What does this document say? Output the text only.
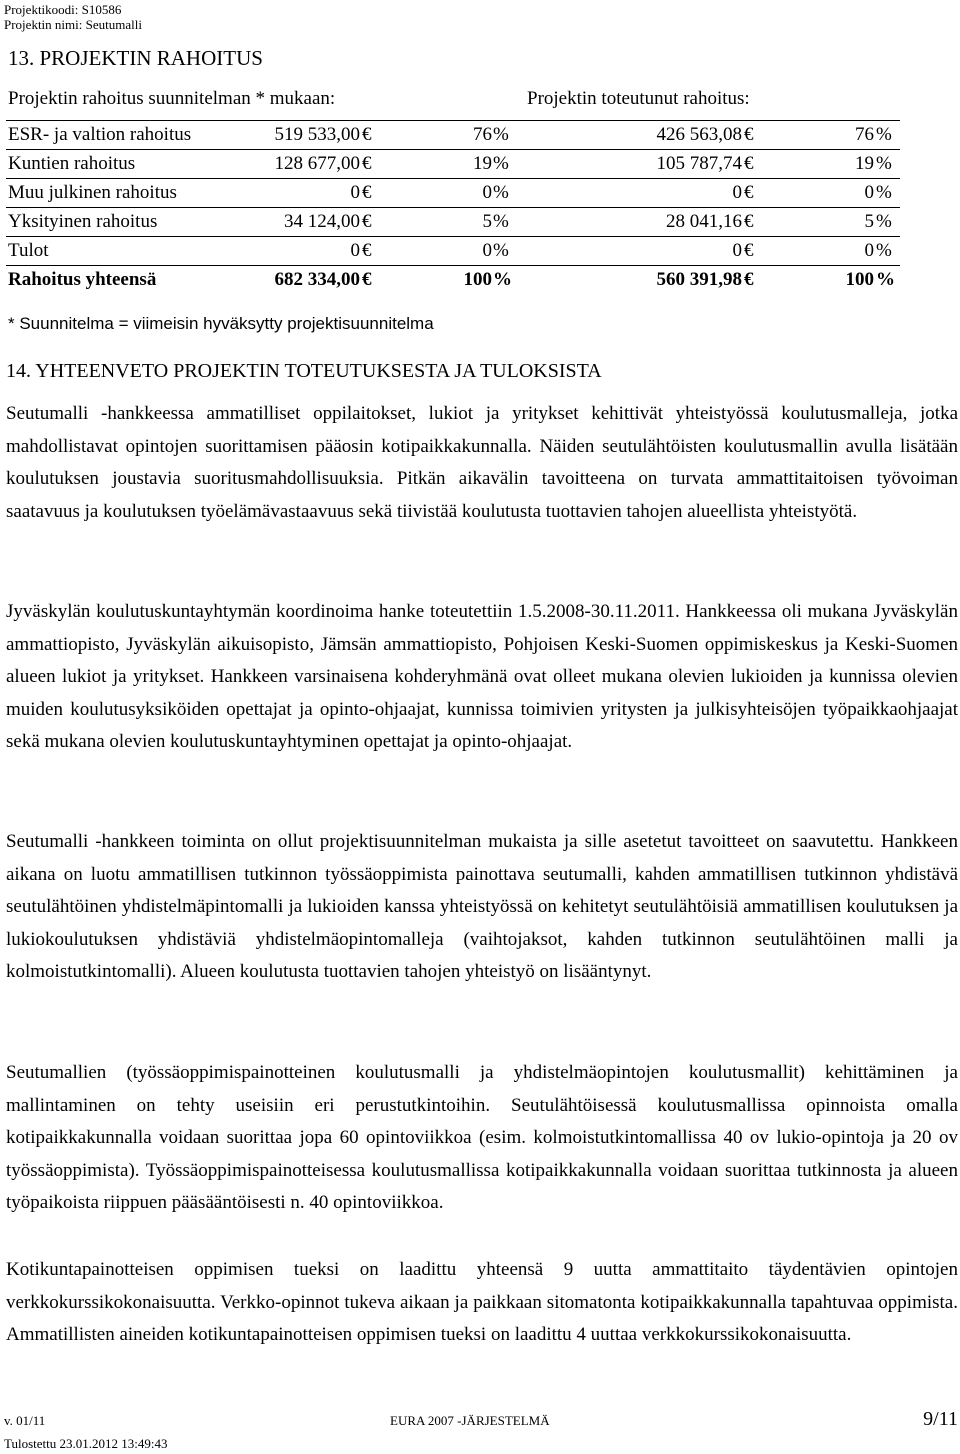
Projektikoodi: S10586
Projektin nimi: Seutumalli
13. PROJEKTIN RAHOITUS
Projektin rahoitus suunnitelman * mukaan:	Projektin toteutunut rahoitus:
ESR- ja valtion rahoitus	519 533,00 €	76 %	426 563,08 €	76 %
Kuntien rahoitus	128 677,00 €	19 %	105 787,74 €	19 %
Muu julkinen rahoitus	0 €	0 %	0 €	0 %
Yksityinen rahoitus	34 124,00 €	5 %	28 041,16 €	5 %
Tulot	0 €	0 %	0 €	0 %
Rahoitus yhteensä	682 334,00 €	100 %	560 391,98 €	100 %
* Suunnitelma = viimeisin hyväksytty projektisuunnitelma
14. YHTEENVETO PROJEKTIN TOTEUTUKSESTA JA TULOKSISTA
Seutumalli -hankkeessa ammatilliset oppilaitokset, lukiot ja yritykset kehittivät yhteistyössä koulutusmalleja, jotka mahdollistavat opintojen suorittamisen pääosin kotipaikkakunnalla. Näiden seutulähtöisten koulutusmallin avulla lisätään koulutuksen joustavia suoritusmahdollisuuksia. Pitkän aikavälin tavoitteena on turvata ammattitaitoisen työvoiman saatavuus ja koulutuksen työelämävastaavuus sekä tiivistää koulutusta tuottavien tahojen alueellista yhteistyötä.
Jyväskylän koulutuskuntayhtymän koordinoima hanke toteutettiin 1.5.2008-30.11.2011. Hankkeessa oli mukana Jyväskylän ammattiopisto, Jyväskylän aikuisopisto, Jämsän ammattiopisto, Pohjoisen Keski-Suomen oppimiskeskus ja Keski-Suomen alueen lukiot ja yritykset. Hankkeen varsinaisena kohderyhmänä ovat olleet mukana olevien lukioiden ja kunnissa olevien muiden koulutusyksiköiden opettajat ja opinto-ohjaajat, kunnissa toimivien yritysten ja julkisyhteisöjen työpaikkaohjaajat sekä mukana olevien koulutuskuntayhtyminen opettajat ja opinto-ohjaajat.
Seutumalli -hankkeen toiminta on ollut projektisuunnitelman mukaista ja sille asetetut tavoitteet on saavutettu. Hankkeen aikana on luotu ammatillisen tutkinnon työssäoppimista painottava seutumalli, kahden ammatillisen tutkinnon yhdistävä seutulähtöinen yhdistelmäpintomalli ja lukioiden kanssa yhteistyössä on kehitetyt seutulähtöisiä ammatillisen koulutuksen ja lukiokoulutuksen yhdistäviä yhdistelmäopintomalleja (vaihtojaksot, kahden tutkinnon seutulähtöinen malli ja kolmoistutkintomalli). Alueen koulutusta tuottavien tahojen yhteistyö on lisääntynyt.
Seutumallien (työssäoppimispainotteinen koulutusmalli ja yhdistelmäopintojen koulutusmallit) kehittäminen ja mallintaminen on tehty useisiin eri perustutkintoihin. Seutulähtöisessä koulutusmallissa opinnoista omalla kotipaikkakunnalla voidaan suorittaa jopa 60 opintoviikkoa (esim. kolmoistutkintomallissa 40 ov lukio-opintoja ja 20 ov työssäoppimista). Työssäoppimispainotteisessa koulutusmallissa kotipaikkakunnalla voidaan suorittaa tutkinnosta ja alueen työpaikoista riippuen pääsääntöisesti n. 40 opintoviikkoa.
Kotikuntapainotteisen oppimisen tueksi on laadittu yhteensä 9 uutta ammattitaito täydentävien opintojen verkkokurssikokonaisuutta. Verkko-opinnot tukeva aikaan ja paikkaan sitomatonta kotipaikkakunnalla tapahtuvaa oppimista. Ammatillisten aineiden kotikuntapainotteisen oppimisen tueksi on laadittu 4 uuttaa verkkokurssikokonaisuutta.
v. 01/11	EURA 2007 -JÄRJESTELMÄ	9/11
Tulostettu 23.01.2012 13:49:43
